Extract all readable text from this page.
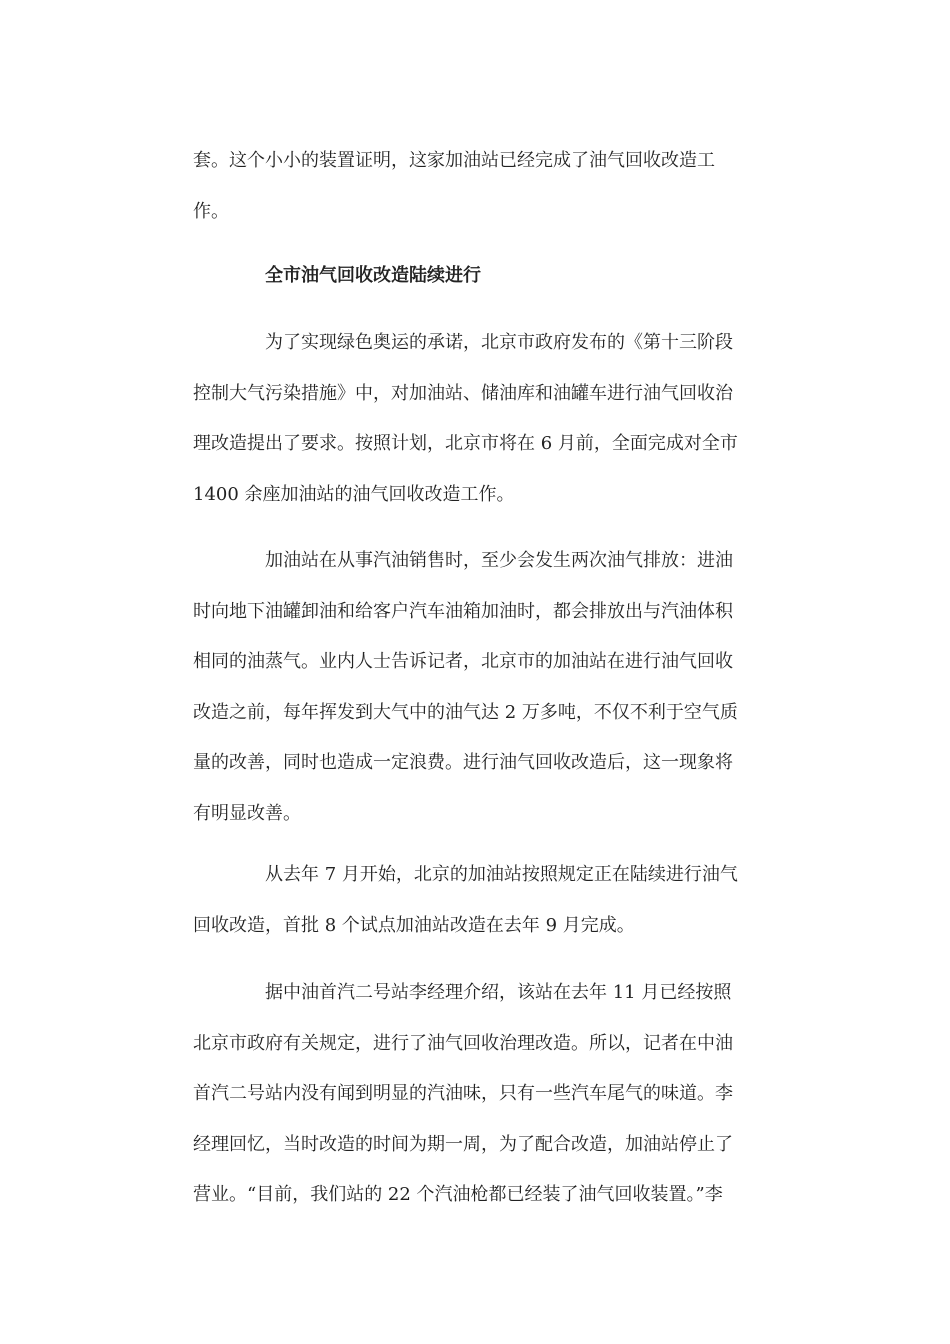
套。这个小小的装置证明，这家加油站已经完成了油气回收改造工
作。
全市油气回收改造陆续进行
为了实现绿色奥运的承诺，北京市政府发布的《第十三阶段
控制大气污染措施》中，对加油站、储油库和油罐车进行油气回收治
理改造提出了要求。按照计划，北京市将在 6 月前，全面完成对全市
1400 余座加油站的油气回收改造工作。
加油站在从事汽油销售时，至少会发生两次油气排放：进油
时向地下油罐卸油和给客户汽车油箱加油时，都会排放出与汽油体积
相同的油蒸气。业内人士告诉记者，北京市的加油站在进行油气回收
改造之前，每年挥发到大气中的油气达 2 万多吨，不仅不利于空气质
量的改善，同时也造成一定浪费。进行油气回收改造后，这一现象将
有明显改善。
从去年 7 月开始，北京的加油站按照规定正在陆续进行油气
回收改造，首批 8 个试点加油站改造在去年 9 月完成。
据中油首汽二号站李经理介绍，该站在去年 11 月已经按照
北京市政府有关规定，进行了油气回收治理改造。所以，记者在中油
首汽二号站内没有闻到明显的汽油味，只有一些汽车尾气的味道。李
经理回忆，当时改造的时间为期一周，为了配合改造，加油站停止了
营业。“目前，我们站的 22 个汽油枪都已经装了油气回收装置。”李
